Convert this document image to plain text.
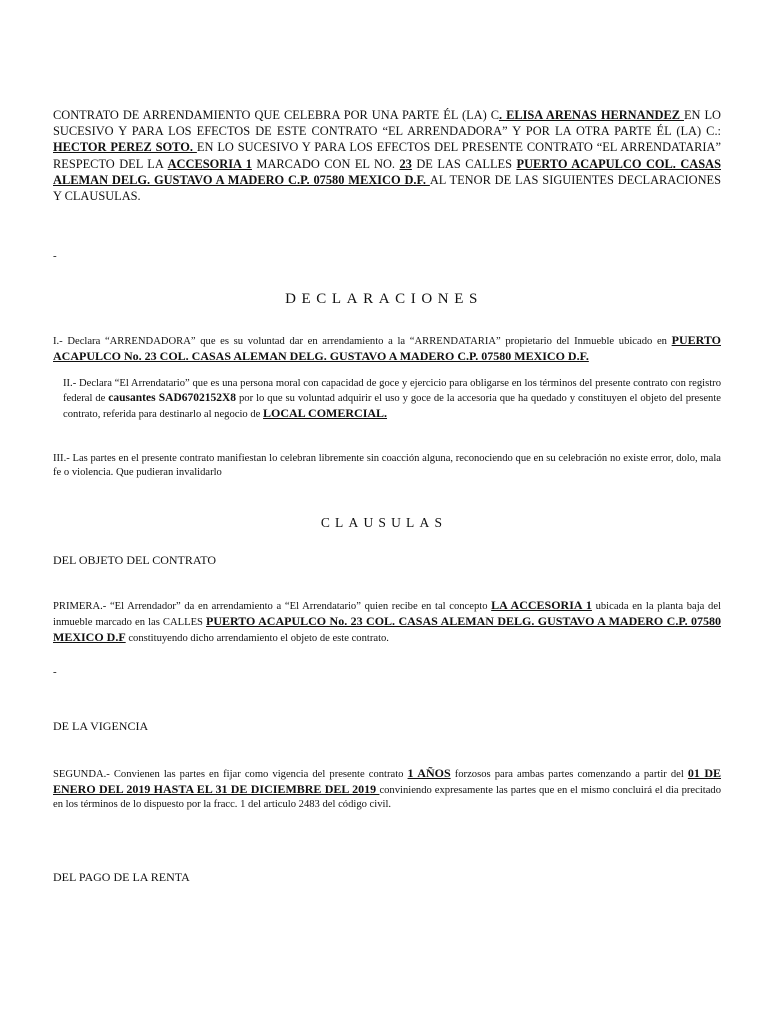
CONTRATO DE ARRENDAMIENTO QUE CELEBRA POR UNA PARTE ÉL (LA) C. ELISA ARENAS HERNANDEZ EN LO SUCESIVO Y PARA LOS EFECTOS DE ESTE CONTRATO “EL ARRENDADORA” Y POR LA OTRA PARTE ÉL (LA) C.: HECTOR PEREZ SOTO. EN LO SUCESIVO Y PARA LOS EFECTOS DEL PRESENTE CONTRATO “EL ARRENDATARIA” RESPECTO DEL LA ACCESORIA 1 MARCADO CON EL NO. 23 DE LAS CALLES PUERTO ACAPULCO COL. CASAS ALEMAN DELG. GUSTAVO A MADERO C.P. 07580 MEXICO D.F. AL TENOR DE LAS SIGUIENTES DECLARACIONES Y CLAUSULAS.
-
DECLARACIONES
I.- Declara “ARRENDADORA” que es su voluntad dar en arrendamiento a la “ARRENDATARIA” propietario del Inmueble ubicado en PUERTO ACAPULCO No. 23 COL. CASAS ALEMAN DELG. GUSTAVO A MADERO C.P. 07580 MEXICO D.F.
II.- Declara “El Arrendatario” que es una persona moral con capacidad de goce y ejercicio para obligarse en los términos del presente contrato con registro federal de causantes SAD6702152X8 por lo que su voluntad adquirir el uso y goce de la accesoria que ha quedado y constituyen el objeto del presente contrato, referida para destinarlo al negocio de LOCAL COMERCIAL.
III.- Las partes en el presente contrato manifiestan lo celebran libremente sin coacción alguna, reconociendo que en su celebración no existe error, dolo, mala fe o violencia. Que pudieran invalidarlo
CLAUSULAS
DEL OBJETO DEL CONTRATO
PRIMERA.- “El Arrendador” da en arrendamiento a “El Arrendatario” quien recibe en tal concepto LA ACCESORIA 1 ubicada en la planta baja del inmueble marcado en las CALLES PUERTO ACAPULCO No. 23 COL. CASAS ALEMAN DELG. GUSTAVO A MADERO C.P. 07580 MEXICO D.F constituyendo dicho arrendamiento el objeto de este contrato.
-
DE LA VIGENCIA
SEGUNDA.- Convienen las partes en fijar como vigencia del presente contrato 1 AÑOS forzosos para ambas partes comenzando a partir del 01 DE ENERO DEL 2019 HASTA EL 31 DE DICIEMBRE DEL 2019 conviniendo expresamente las partes que en el mismo concluirá el dia precitado en los términos de lo dispuesto por la fracc. 1 del articulo 2483 del código civil.
DEL PAGO DE LA RENTA
